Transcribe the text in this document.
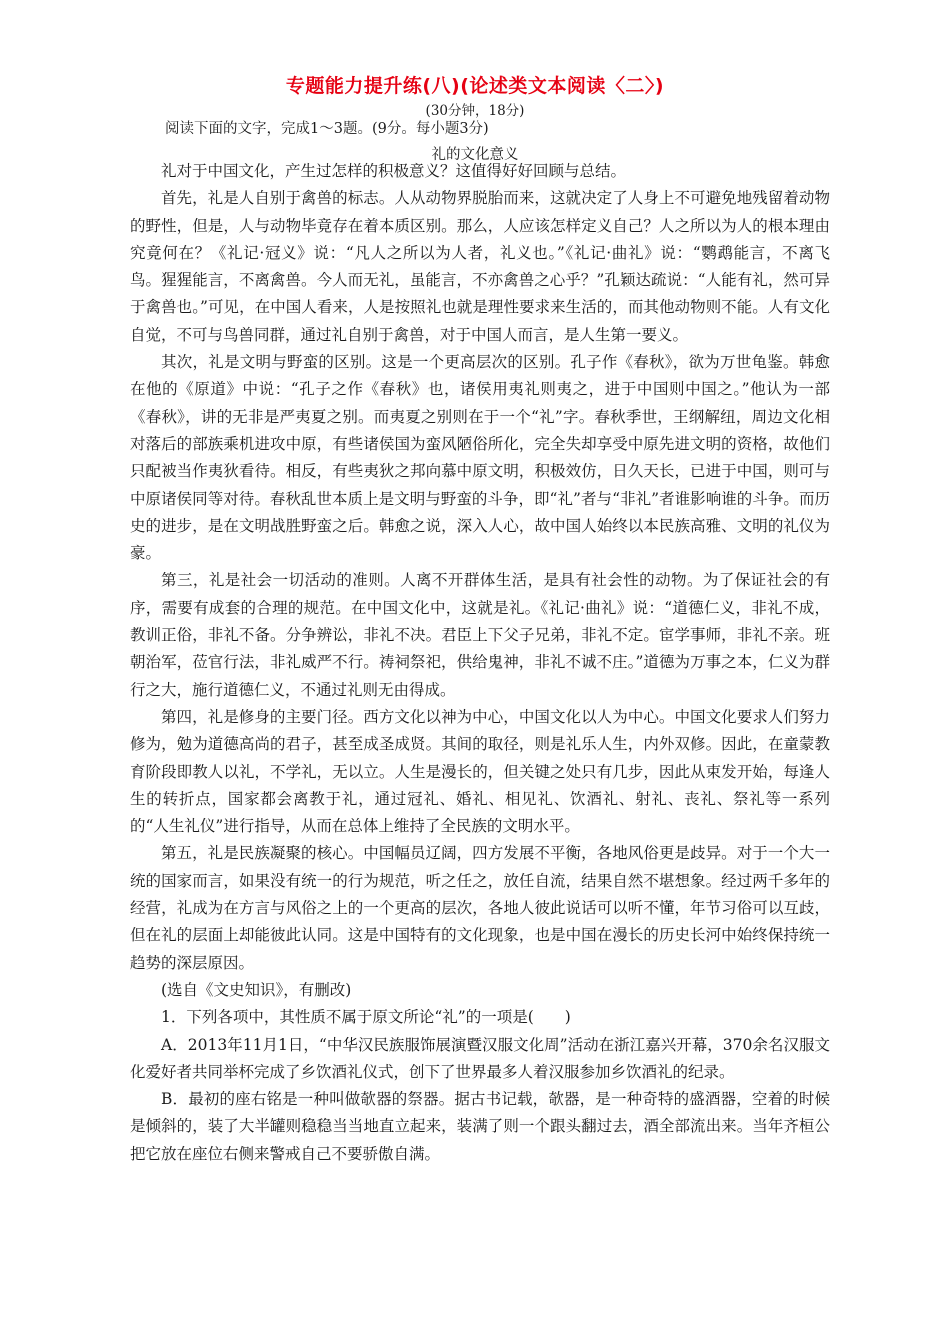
专题能力提升练(八)(论述类文本阅读〈二〉)
(30分钟，18分)
阅读下面的文字，完成1～3题。(9分。每小题3分)
礼的文化意义

礼对于中国文化，产生过怎样的积极意义？这值得好好回顾与总结。

首先，礼是人自别于禽兽的标志。人从动物界脱胎而来，这就决定了人身上不可避免地残留着动物的野性，但是，人与动物毕竟存在着本质区别。那么，人应该怎样定义自己？人之所以为人的根本理由究竟何在？《礼记·冠义》说：“凡人之所以为人者，礼义也。”《礼记·曲礼》说：“鹦鹉能言，不离飞鸟。猩猩能言，不离禽兽。今人而无礼，虽能言，不亦禽兽之心乎？”孔颖达疏说：“人能有礼，然可异于禽兽也。”可见，在中国人看来，人是按照礼也就是理性要求来生活的，而其他动物则不能。人有文化自觉，不可与鸟兽同群，通过礼自别于禽兽，对于中国人而言，是人生第一要义。

其次，礼是文明与野蛮的区别。这是一个更高层次的区别。孔子作《春秋》，欲为万世龟鉴。韩愈在他的《原道》中说：“孔子之作《春秋》也，诸侯用夷礼则夷之，进于中国则中国之。”他认为一部《春秋》，讲的无非是严夷夏之别。而夷夏之别则在于一个“礼”字。春秋季世，王纲解纽，周边文化相对落后的部族乘机进攻中原，有些诸侯国为蛮风陋俗所化，完全失却享受中原先进文明的资格，故他们只配被当作夷狄看待。相反，有些夷狄之邦向慕中原文明，积极效仿，日久天长，已进于中国，则可与中原诸侯同等对待。春秋乱世本质上是文明与野蛮的斗争，即“礼”者与“非礼”者谁影响谁的斗争。而历史的进步，是在文明战胜野蛮之后。韩愈之说，深入人心，故中国人始终以本民族高雅、文明的礼仪为豪。

第三，礼是社会一切活动的准则。人离不开群体生活，是具有社会性的动物。为了保证社会的有序，需要有成套的合理的规范。在中国文化中，这就是礼。《礼记·曲礼》说：“道德仁义，非礼不成，教训正俗，非礼不备。分争辨讼，非礼不决。君臣上下父子兄弟，非礼不定。宦学事师，非礼不亲。班朝治军，莅官行法，非礼威严不行。祷祠祭祀，供给鬼神，非礼不诚不庄。”道德为万事之本，仁义为群行之大，施行道德仁义，不通过礼则无由得成。

第四，礼是修身的主要门径。西方文化以神为中心，中国文化以人为中心。中国文化要求人们努力修为，勉为道德高尚的君子，甚至成圣成贤。其间的取径，则是礼乐人生，内外双修。因此，在童蒙教育阶段即教人以礼，不学礼，无以立。人生是漫长的，但关键之处只有几步，因此从束发开始，每逢人生的转折点，国家都会离教于礼，通过冠礼、婚礼、相见礼、饮酒礼、射礼、丧礼、祭礼等一系列的“人生礼仪”进行指导，从而在总体上维持了全民族的文明水平。

第五，礼是民族凝聚的核心。中国幅员辽阔，四方发展不平衡，各地风俗更是歧异。对于一个大一统的国家而言，如果没有统一的行为规范，听之任之，放任自流，结果自然不堪想象。经过两千多年的经营，礼成为在方言与风俗之上的一个更高的层次，各地人彼此说话可以听不懂，年节习俗可以互歧，但在礼的层面上却能彼此认同。这是中国特有的文化现象，也是中国在漫长的历史长河中始终保持统一趋势的深层原因。

(选自《文史知识》，有删改)

1．下列各项中，其性质不属于原文所论“礼”的一项是(　　)

A．2013年11月1日，“中华汉民族服饰展演暨汉服文化周”活动在浙江嘉兴开幕，370余名汉服文化爱好者共同举杯完成了乡饮酒礼仪式，创下了世界最多人着汉服参加乡饮酒礼的纪录。

B．最初的座右铭是一种叫做欹器的祭器。据古书记载，欹器，是一种奇特的盛酒器，空着的时候是倾斜的，装了大半罐则稳稳当当地直立起来，装满了则一个跟头翻过去，酒全部流出来。当年齐桓公把它放在座位右侧来警戒自己不要骄傲自满。
